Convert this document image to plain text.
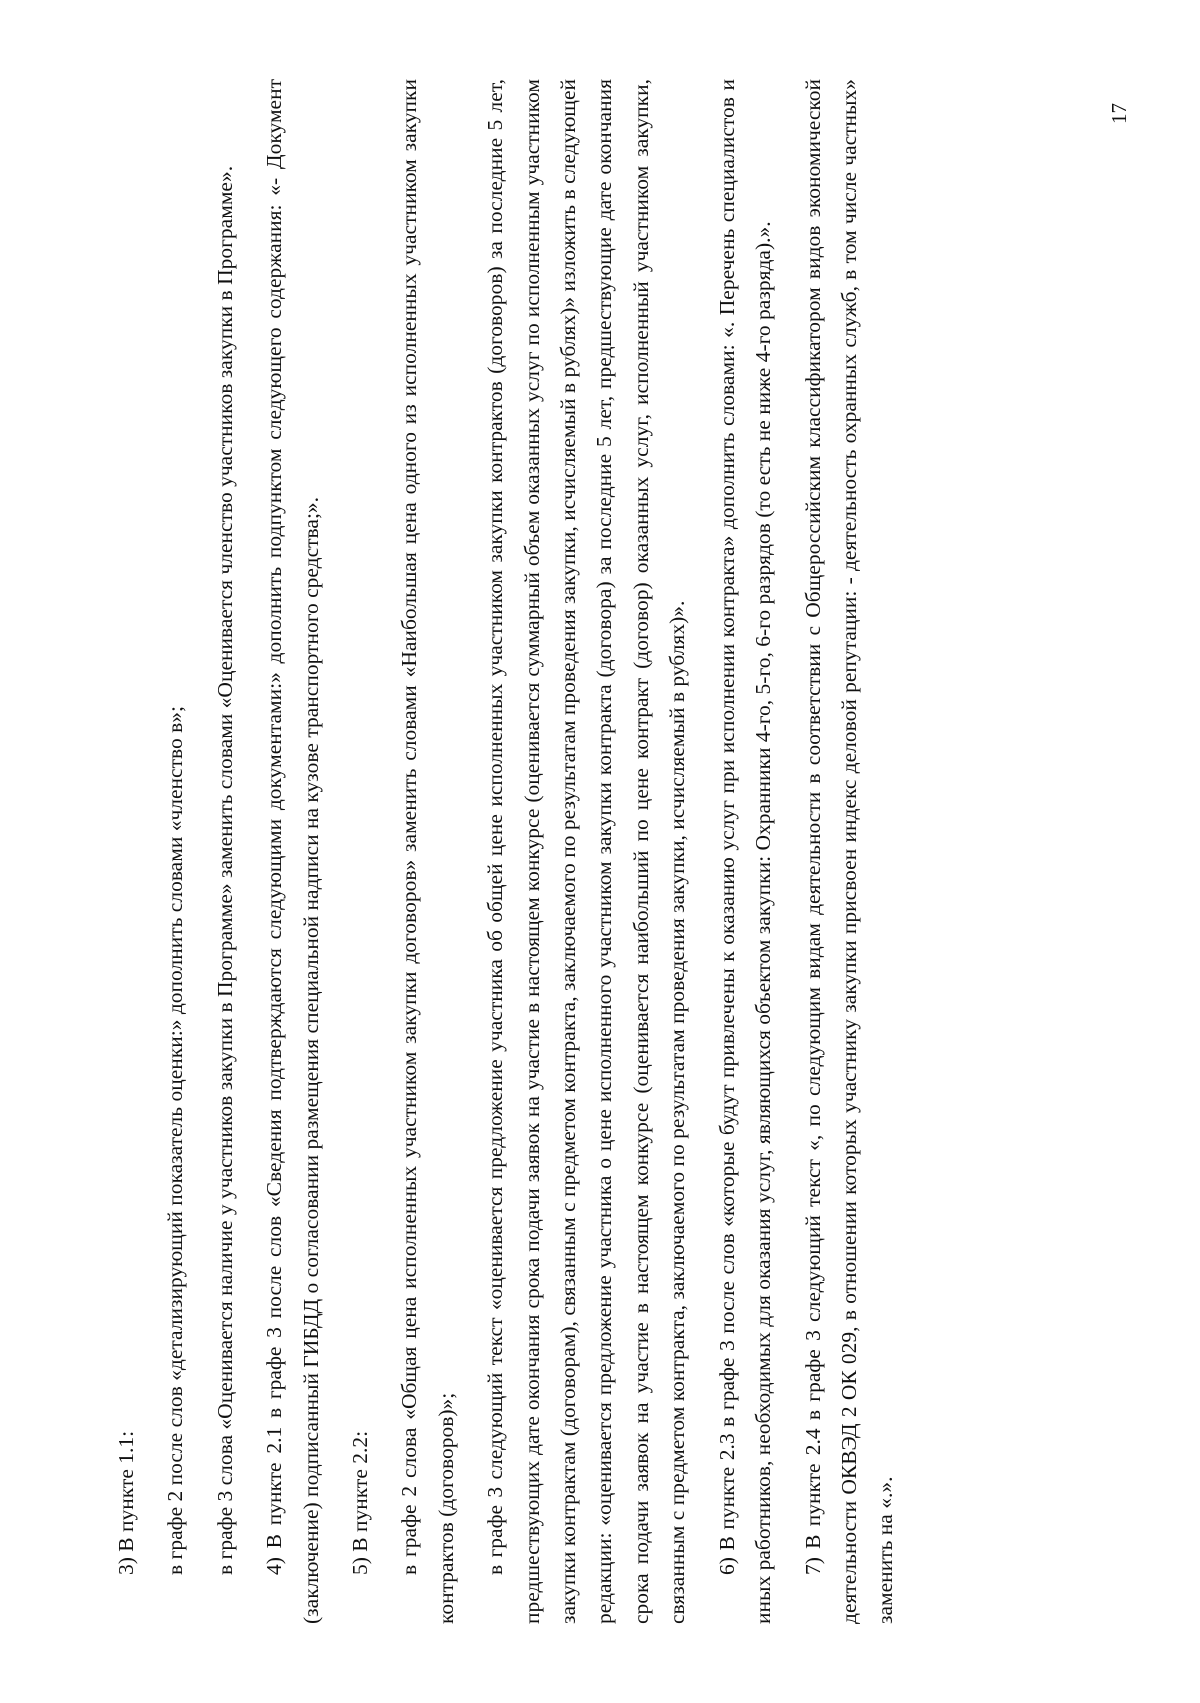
3) В пункте 1.1: в графе 2 после слов «детализирующий показатель оценки:» дополнить словами «членство в»; в графе 3 слова «Оценивается наличие у участников закупки в Программе» заменить словами «Оценивается членство участников закупки в Программе». 4) В пункте 2.1 в графе 3 после слов «Сведения подтверждаются следующими документами:» дополнить подпунктом следующего содержания: «- Документ (заключение) подписанный ГИБДД о согласовании размещения специальной надписи на кузове транспортного средства;». 5) В пункте 2.2: в графе 2 слова «Общая цена исполненных участником закупки договоров» заменить словами «Наибольшая цена одного из исполненных участником закупки контрактов (договоров)»; в графе 3 следующий текст «оценивается предложение участника об общей цене исполненных участником закупки контрактов (договоров) за последние 5 лет, предшествующих дате окончания срока подачи заявок на участие в настоящем конкурсе (оценивается суммарный объем оказанных услуг по исполненным участником закупки контрактам (договорам), связанным с предметом контракта, заключаемого по результатам проведения закупки, исчисляемый в рублях)» изложить в следующей редакции: «оценивается предложение участника о цене исполненного участником закупки контракта (договора) за последние 5 лет, предшествующие дате окончания срока подачи заявок на участие в настоящем конкурсе (оценивается наибольший по цене контракт (договор) оказанных услуг, исполненный участником закупки, связанным с предметом контракта, заключаемого по результатам проведения закупки, исчисляемый в рублях)». 6) В пункте 2.3 в графе 3 после слов «которые будут привлечены к оказанию услуг при исполнении контракта» дополнить словами: «. Перечень специалистов и иных работников, необходимых для оказания услуг, являющихся объектом закупки: Охранники 4-го, 5-го, 6-го разрядов (то есть не ниже 4-го разряда).». 7) В пункте 2.4 в графе 3 следующий текст «, по следующим видам деятельности в соответствии с Общероссийским классификатором видов экономической деятельности ОКВЭД 2 ОК 029, в отношении которых участнику закупки присвоен индекс деловой репутации: - деятельность охранных служб, в том числе частных» заменить на «.».

17
